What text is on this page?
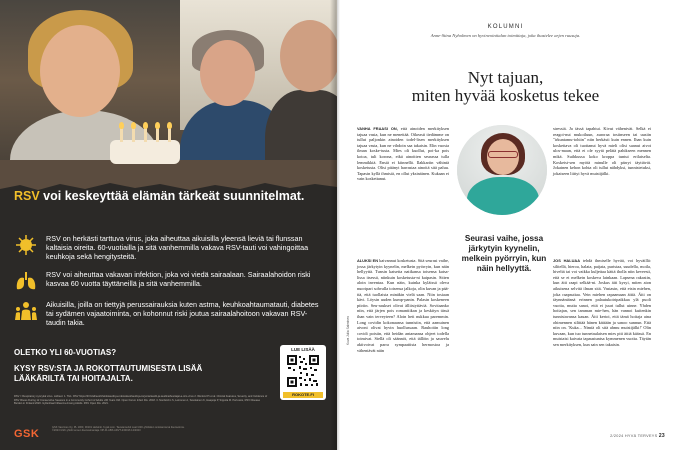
RSV voi keskeyttää elämän tärkeät suunnitelmat.
RSV on herkästi tarttuva virus, joka aiheuttaa aikuisilla yleensä lieviä tai flunssan kaltaisia oireita. 60-vuotiailla ja sitä vanhemmilla vakava RSV-tauti voi vahingoittaa keuhkoja sekä hengitysteitä.
RSV voi aiheuttaa vakavan infektion, joka voi viedä sairaalaan. Sairaalahoidon riski kasvaa 60 vuotta täyttäneillä ja sitä vanhemmilla.
Aikuisilla, joilla on tiettyjä perussairauksia kuten astma, keuhkoahtaumatauti, diabetes tai sydämen vajaatoiminta, on kohonnut riski joutua sairaalahoitoon vakavan RSV-taudin takia.
OLETKO YLI 60-VUOTIAS?
KYSY RSV:STA JA ROKOTTAUTUMISESTA LISÄÄ LÄÄKÄRILTÄ TAI HOITAJALTA.
LUE LISÄÄ
ROKOTE.FI
RSV = Respiratory syncytial virus. Lähteet: 1. THL: RSV https://thl.fi/aiheet/infektiotaudit-ja-rokotukset/taudit-ja-torjunta/taudit-ja-taudinaiheuttajat-a-o/rs-virus 2. Wentzel Pi et al. Clinical Features, Severity, and Incidence of RSV Illness During 12 Consecutive Seasons in a Community Cohort of Adults ≥60 Years Old. Open Forum Infect Dis. 2018. 3. Nordström S, Leinonen A, Savolainen K, Haapoja P, Sippola M. Pertussis, RSV Disease Burden in Finland 2020. Gyllenhaal Influenza Among Adults. RSV Open Dis. 2021.
GSK
GSK Vaccines Oy, PL 1000, 00101 Helsinki. fi.gsk.com. Tavaramerkit ovat GSK-yhtiöiden omistamia tai lisensoimia. ©2023 GSK-yhtiöt tai sen lisenssinantaja. NP-FI-ABX-ADVT-230016 12/2023
KOLUMNI
Anne-Stina Nyholmen on hyvinvointialan toimittaja, joka ihastelee arjen ruusuja.
Nyt tajuan,
miten hyvää kosketus tekee

VANHA FRAASI ON, että ainoiden merkityksen tajuaa vasta, kun ne menettää. Oikeasti tiedämme on tullut paljonkin ainoiden todel-lisen merkityksen tajuaa vasta, kun ne vihdoin saa takaisin. Elin vuosia ilman koske-tusta. Mies oli kuollut, poi-ka pois kotoa, tuli korona, eikä ainoitten seurassa tulla lemmikkiä. Ensiä ei kiinnellä. Ilakkariin vähintä kosketusta. Olisi pitänyt harrastaa ainoitä sitä paluu. Tapasin kyllä ihmisiä, en ollut yksinäinen. Kukaan ei vain koskettanut.

ALUKSI EN kaivannut kosketusta. Sitä seurasi vaihe, jossa järkytyin kyynelin, melkein pyörryin, kun näin hellyyttä. Tunsin katsetta natikansa toisensa katsa-lissa itsessä, niinkuin kosketusta-ni kaipasin. Sitten aloin inventaa. Kun näin, kuinka kyläissä oleva nuoripari sohvalla toisensa jalkoja, olin kuvan ja pää-ttä, että tuollaista minäkin vielä saan. Niin tosiaan kävi. Löysin uuden kump-panin. Palasin koskeneen piiriin. Seu-raukset olivat älliistyttäviä. Sovitaanko niin, että järjen pois romantiikan ja keskityn tässä ihan vain terveyteen? Aloin heti nukkua paremmin. Long covidin kokonaansa tunnistin, että aamuinen aivoni olivat hyvin huollussaan. Rauhoitin long covidi poistin, että heidän antamansa ohjeet todella toimivat. Siellä oli säännöt, että tällöin ja sauvelu aktivoivat parra sympaattista hermostoa ja vähentävät näin

stressiä. Ja tässä tapahtui. Kivut vähenivät. Selkä ei reagoi-nut mukoiluun, auroraa tosiinseen tai uusiin "irkuntamu-tohiin" niin herkästi kuin ennen. Ihan kuin koskettava oli tuottanut hyvä mieli olisi saanut aivot ulos-maan, että ei ole syytä pelätä pahikseen mennen mikä. Suihkussa koko kroppa tuntui erilaiselta. Koskeist-sen myötä minulle oli pärryt täyttävät. Jokainen kehon kohta oli tullut nähdyksi, tunnistetuksi, jokaiseen liittyi hyvä muistijälki.

JOS HALUAA tehdä ihmiselle hyvää, voi hyväillä: silitellä, hieroa, halata, paijata, puristaa, suudella, moila, hiveltä tai voi vaikka kuljettaa kättä tholla niin keveesti, että se ei melkein koskeva lainkaan. Lapsena rakastin, kun äiti raapi selkää-ni. Joskus äiti kysyi, miten aion aikuisena selvitä ilman sitä. Vastasin, että etsin miehen, joka raapsuttaa. Vein miehen rapaamaan äitiä. Äiti on täynnäntänsä erinnen palautukoiripaikkaa ylä puoli vuotta, mutta sanoi, että ei juuri tullut uinne. Yhden hoitajan, sen tamman mie-hen, hän vannoi kuitenkin tunnistavansa kauan. Äiti kertoi, että tämä hoitaja aina ohimennen silittää hänen kättään ja sanoo sunnun. Että niin on. 'Kuka... Nimiä oli sitä ahmu muistijälki!' Olin kuvaan, kun tuo tunnetaulaisen mies piti äitiä käässä. En muistaisi kaivata tapaustuntsa kymmenen vuotta. Täytän sen merkityksen, kun sain sen takaisin.

Seurasi vaihe, jossa järkytyin kyynelin, melkein pyörryin, kun näin hellyyttä.
Kuva Julia Salminen
2/2024 HYVÄ TERVEYS 23
